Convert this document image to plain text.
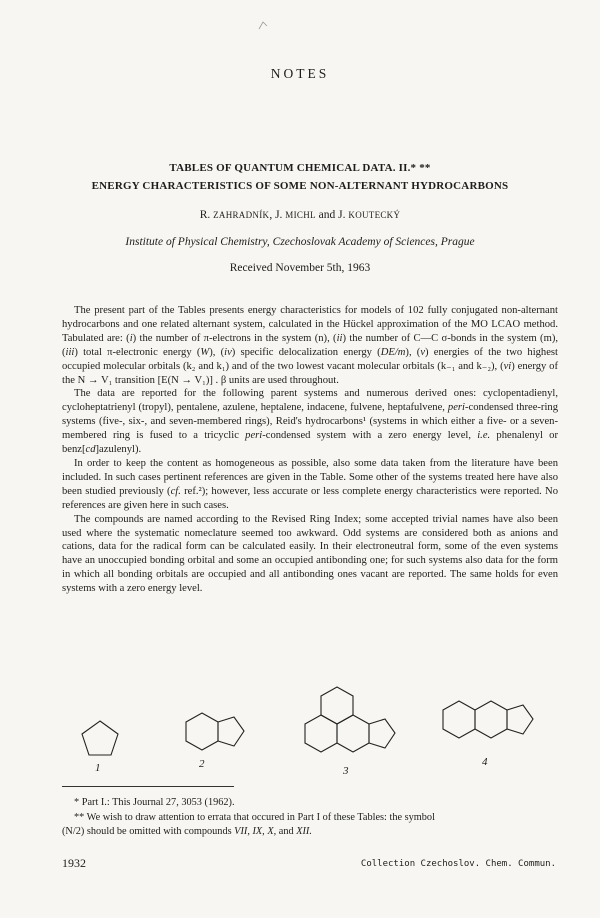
NOTES
TABLES OF QUANTUM CHEMICAL DATA. II.* **
ENERGY CHARACTERISTICS OF SOME NON-ALTERNANT HYDROCARBONS
R. ZAHRADNÍK, J. MICHL and J. KOUTECKÝ
Institute of Physical Chemistry, Czechoslovak Academy of Sciences, Prague
Received November 5th, 1963

The present part of the Tables presents energy characteristics for models of 102 fully conjugated non-alternant hydrocarbons and one related alternant system, calculated in the Hückel approximation of the MO LCAO method. Tabulated are: (i) the number of π-electrons in the system (n), (ii) the number of C—C σ-bonds in the system (m), (iii) total π-electronic energy (W), (iv) specific delocalization energy (DE/m), (v) energies of the two highest occupied molecular orbitals (k₂ and k₁) and of the two lowest vacant molecular orbitals (k₋₁ and k₋₂), (vi) energy of the N → V₁ transition [E(N → V₁)] . β units are used throughout.

The data are reported for the following parent systems and numerous derived ones: cyclopentadienyl, cycloheptatrienyl (tropyl), pentalene, azulene, heptalene, indacene, fulvene, heptafulvene, peri-condensed three-ring systems (five-, six-, and seven-membered rings), Reid's hydrocarbons¹ (systems in which either a five- or a seven-membered ring is fused to a tricyclic peri-condensed system with a zero energy level, i.e. phenalenyl or benz[cd]azulenyl).

In order to keep the content as homogeneous as possible, also some data taken from the literature have been included. In such cases pertinent references are given in the Table. Some other of the systems treated here have also been studied previously (cf. ref.²); however, less accurate or less complete energy characteristics were reported. No references are given here in such cases.

The compounds are named according to the Revised Ring Index; some accepted trivial names have also been used where the systematic nomeclature seemed too awkward. Odd systems are considered both as anions and cations, data for the radical form can be calculated easily. In their electroneutral form, some of the even systems have an unoccupied bonding orbital and some an occupied antibonding one; for such systems also data for the form in which all bonding orbitals are occupied and all antibonding ones vacant are reported. The same holds for even systems with a zero energy level.

1	2
3
4
* Part I.: This Journal 27, 3053 (1962).
** We wish to draw attention to errata that occured in Part I of these Tables: the symbol
(N/2) should be omitted with compounds VII, IX, X, and XII.
1932	Collection Czechoslov. Chem. Commun.
